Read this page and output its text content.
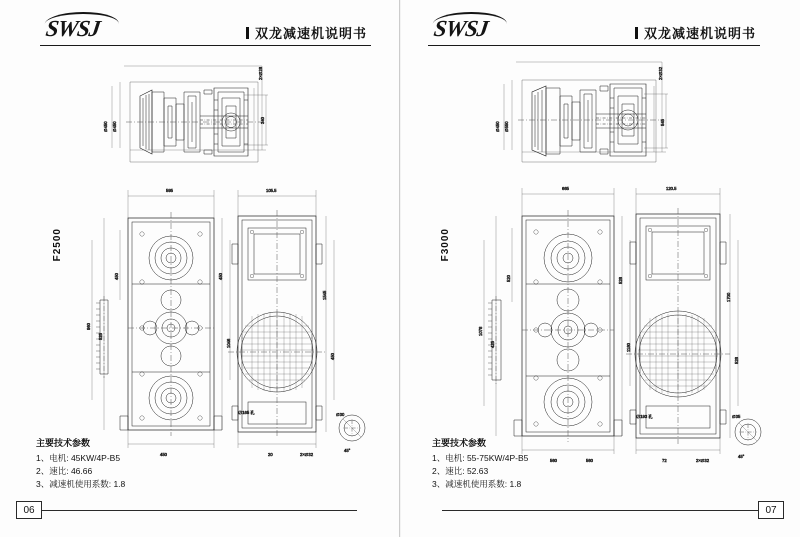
SWSJ	双龙减速机说明书
F2500
∅450
∅450
2×∅28
340
45°
∅30
595	105.5
960
525
450	450
1046
1545
450
∅165 孔
20	2×∅32
450
主要技术参数
1、电机: 45KW/4P-B5
2、速比: 46.66
3、减速机使用系数: 1.8
06
SWSJ	双龙减速机说明书
F3000
∅550
∅450
2×∅32
545
45°
∅35
665	120.5
1078
425
520	528
1180
1700
528
∅193 孔
72	2×∅32
560	560
主要技术参数
1、电机: 55-75KW/4P-B5
2、速比: 52.63
3、减速机使用系数: 1.8
07
